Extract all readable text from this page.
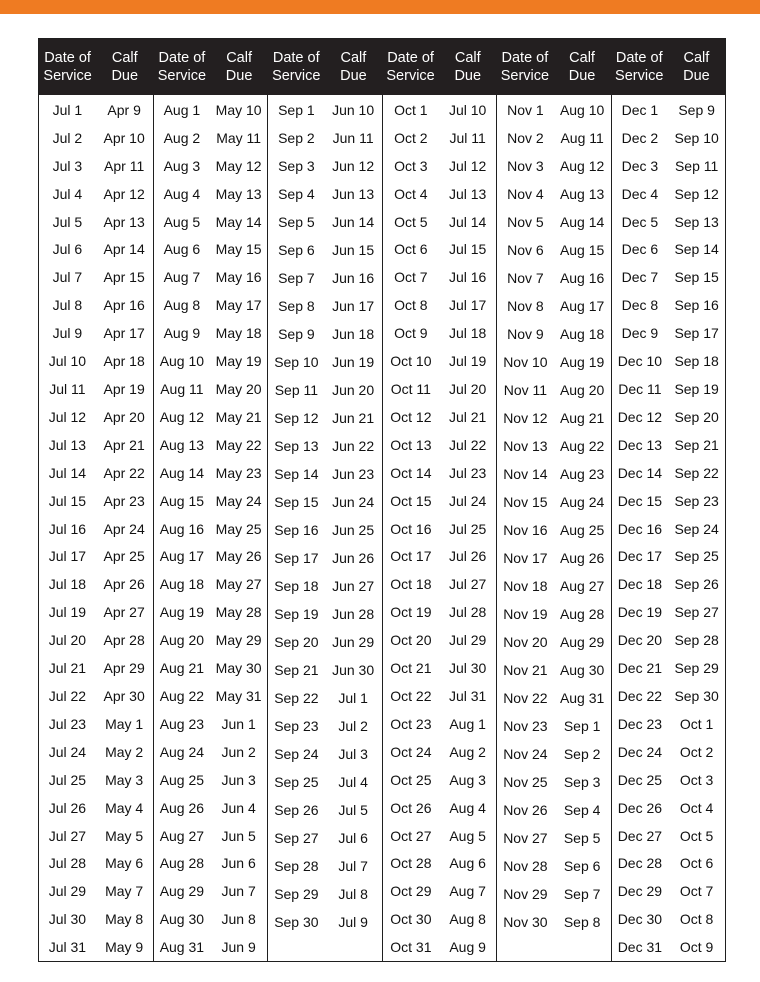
Date of
Service
Calf
Due
Date of
Service
Calf
Due
Date of
Service
Calf
Due
Date of
Service
Calf
Due
Date of
Service
Calf
Due
Date of
Service
Calf
Due
Jul 1
Jul 2
Jul 3
Jul 4
Jul 5
Jul 6
Jul 7
Jul 8
Jul 9
Jul 10
Jul 11
Jul 12
Jul 13
Jul 14
Jul 15
Jul 16
Jul 17
Jul 18
Jul 19
Jul 20
Jul 21
Jul 22
Jul 23
Jul 24
Jul 25
Jul 26
Jul 27
Jul 28
Jul 29
Jul 30
Jul 31
Apr 9
Apr 10
Apr 11
Apr 12
Apr 13
Apr 14
Apr 15
Apr 16
Apr 17
Apr 18
Apr 19
Apr 20
Apr 21
Apr 22
Apr 23
Apr 24
Apr 25
Apr 26
Apr 27
Apr 28
Apr 29
Apr 30
May 1
May 2
May 3
May 4
May 5
May 6
May 7
May 8
May 9
Aug 1
Aug 2
Aug 3
Aug 4
Aug 5
Aug 6
Aug 7
Aug 8
Aug 9
Aug 10
Aug 11
Aug 12
Aug 13
Aug 14
Aug 15
Aug 16
Aug 17
Aug 18
Aug 19
Aug 20
Aug 21
Aug 22
Aug 23
Aug 24
Aug 25
Aug 26
Aug 27
Aug 28
Aug 29
Aug 30
Aug 31
May 10
May 11
May 12
May 13
May 14
May 15
May 16
May 17
May 18
May 19
May 20
May 21
May 22
May 23
May 24
May 25
May 26
May 27
May 28
May 29
May 30
May 31
Jun 1
Jun 2
Jun 3
Jun 4
Jun 5
Jun 6
Jun 7
Jun 8
Jun 9
Sep 1
Sep 2
Sep 3
Sep 4
Sep 5
Sep 6
Sep 7
Sep 8
Sep 9
Sep 10
Sep 11
Sep 12
Sep 13
Sep 14
Sep 15
Sep 16
Sep 17
Sep 18
Sep 19
Sep 20
Sep 21
Sep 22
Sep 23
Sep 24
Sep 25
Sep 26
Sep 27
Sep 28
Sep 29
Sep 30
Jun 10
Jun 11
Jun 12
Jun 13
Jun 14
Jun 15
Jun 16
Jun 17
Jun 18
Jun 19
Jun 20
Jun 21
Jun 22
Jun 23
Jun 24
Jun 25
Jun 26
Jun 27
Jun 28
Jun 29
Jun 30
Jul 1
Jul 2
Jul 3
Jul 4
Jul 5
Jul 6
Jul 7
Jul 8
Jul 9
Oct 1
Oct 2
Oct 3
Oct 4
Oct 5
Oct 6
Oct 7
Oct 8
Oct 9
Oct 10
Oct 11
Oct 12
Oct 13
Oct 14
Oct 15
Oct 16
Oct 17
Oct 18
Oct 19
Oct 20
Oct 21
Oct 22
Oct 23
Oct 24
Oct 25
Oct 26
Oct 27
Oct 28
Oct 29
Oct 30
Oct 31
Jul 10
Jul 11
Jul 12
Jul 13
Jul 14
Jul 15
Jul 16
Jul 17
Jul 18
Jul 19
Jul 20
Jul 21
Jul 22
Jul 23
Jul 24
Jul 25
Jul 26
Jul 27
Jul 28
Jul 29
Jul 30
Jul 31
Aug 1
Aug 2
Aug 3
Aug 4
Aug 5
Aug 6
Aug 7
Aug 8
Aug 9
Nov 1
Nov 2
Nov 3
Nov 4
Nov 5
Nov 6
Nov 7
Nov 8
Nov 9
Nov 10
Nov 11
Nov 12
Nov 13
Nov 14
Nov 15
Nov 16
Nov 17
Nov 18
Nov 19
Nov 20
Nov 21
Nov 22
Nov 23
Nov 24
Nov 25
Nov 26
Nov 27
Nov 28
Nov 29
Nov 30
Aug 10
Aug 11
Aug 12
Aug 13
Aug 14
Aug 15
Aug 16
Aug 17
Aug 18
Aug 19
Aug 20
Aug 21
Aug 22
Aug 23
Aug 24
Aug 25
Aug 26
Aug 27
Aug 28
Aug 29
Aug 30
Aug 31
Sep 1
Sep 2
Sep 3
Sep 4
Sep 5
Sep 6
Sep 7
Sep 8
Dec 1
Dec 2
Dec 3
Dec 4
Dec 5
Dec 6
Dec 7
Dec 8
Dec 9
Dec 10
Dec 11
Dec 12
Dec 13
Dec 14
Dec 15
Dec 16
Dec 17
Dec 18
Dec 19
Dec 20
Dec 21
Dec 22
Dec 23
Dec 24
Dec 25
Dec 26
Dec 27
Dec 28
Dec 29
Dec 30
Dec 31
Sep 9
Sep 10
Sep 11
Sep 12
Sep 13
Sep 14
Sep 15
Sep 16
Sep 17
Sep 18
Sep 19
Sep 20
Sep 21
Sep 22
Sep 23
Sep 24
Sep 25
Sep 26
Sep 27
Sep 28
Sep 29
Sep 30
Oct 1
Oct 2
Oct 3
Oct 4
Oct 5
Oct 6
Oct 7
Oct 8
Oct 9
